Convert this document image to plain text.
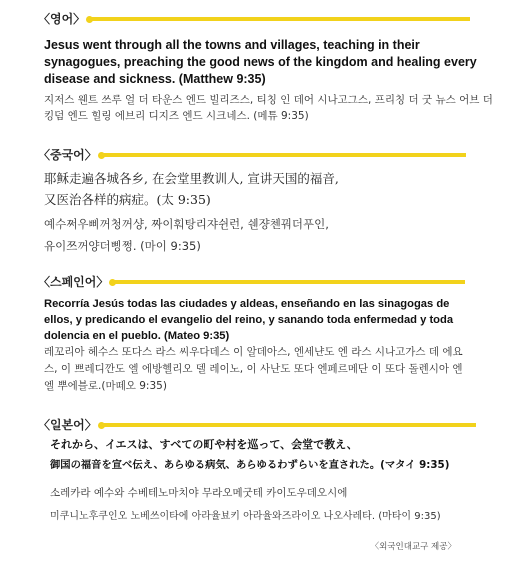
〈영어〉
Jesus went through all the towns and villages, teaching in their synagogues, preaching the good news of the kingdom and healing every disease and sickness. (Matthew 9:35)
지저스 웬트 쓰루 얼 더 타운스 엔드 빌리즈스, 티칭 인 데어 시나고그스, 프리칭 더 굿 뉴스 어브 더 킹덤 엔드 힐링 에브리 디지즈 엔드 시크네스. (메튜 9:35)
〈중국어〉
耶稣走遍各城各乡, 在会堂里教训人, 宣讲天国的福音,
又医治各样的病症。(太 9:35)
예수쩌우삐꺼청꺼샹, 짜이훠탕리쟈쉰런, 쉔쟝첸꿔더푸인,
유이쯔꺼양더삥쩡. (마이 9:35)
〈스페인어〉
Recorría Jesús todas las ciudades y aldeas, enseñando en las sinagogas de ellos, y predicando el evangelio del reino, y sanando toda enfermedad y toda dolencia en el pueblo. (Mateo 9:35)
레꼬리아 헤수스 또다스 라스 씨우다데스 이 알데아스, 엔세냔도 엔 라스 시나고가스 데 에요스, 이 쁘레디깐도 엘 에방헬리오 델 레이노, 이 사난도 또다 엔페르메단 이 또다 돌렌시아 엔 엘 뿌에블로.(마떼오 9:35)
〈일본어〉
それから、イエスは、すべての町や村を巡って、会堂で教え、
御国の福音を宣べ伝え、あらゆる病気、あらゆるわずらいを直された。(マタイ 9:35)
소레카라 예수와 수베테노마치야 무라오메굿테 카이도우데오시에
미쿠니노후쿠인오 노베쓰이타에 아라율뵤키 아라율와즈라이오 나오사레타. (마타이 9:35)
〈외국인대교구 제공〉
